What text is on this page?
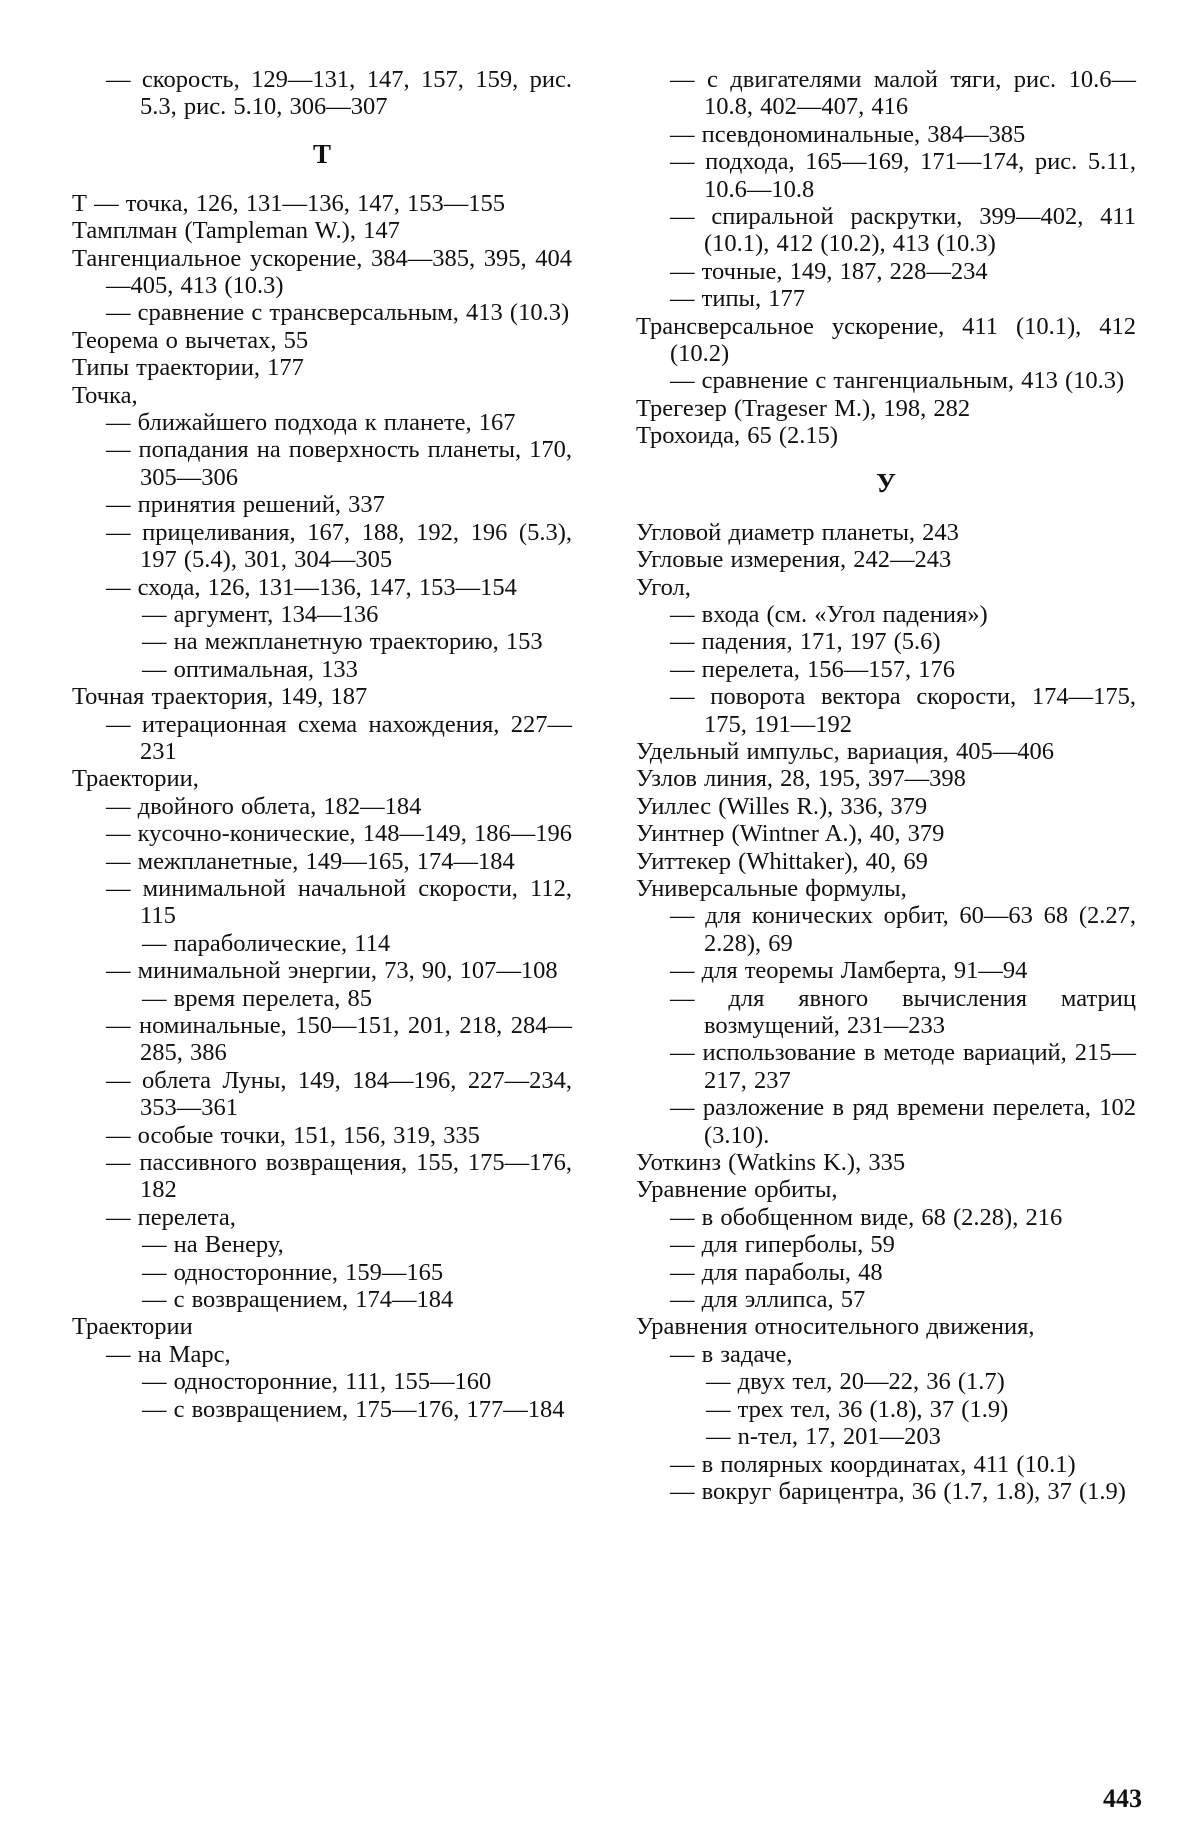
— скорость, 129—131, 147, 157, 159, рис. 5.3, рис. 5.10, 306—307
Т
Т — точка, 126, 131—136, 147, 153—155
Тамплман (Tampleman W.), 147
Тангенциальное ускорение, 384—385, 395, 404—405, 413 (10.3)
— сравнение с трансверсальным, 413 (10.3)
Теорема о вычетах, 55
Типы траектории, 177
Точка,
— ближайшего подхода к планете, 167
— попадания на поверхность планеты, 170, 305—306
— принятия решений, 337
— прицеливания, 167, 188, 192, 196 (5.3), 197 (5.4), 301, 304—305
— схода, 126, 131—136, 147, 153—154
— аргумент, 134—136
— на межпланетную траекторию, 153
— оптимальная, 133
Точная траектория, 149, 187
— итерационная схема нахождения, 227—231
Траектории,
— двойного облета, 182—184
— кусочно-конические, 148—149, 186—196
— межпланетные, 149—165, 174—184
— минимальной начальной скорости, 112, 115
— параболические, 114
— минимальной энергии, 73, 90, 107—108
— время перелета, 85
— номинальные, 150—151, 201, 218, 284—285, 386
— облета Луны, 149, 184—196, 227—234, 353—361
— особые точки, 151, 156, 319, 335
— пассивного возвращения, 155, 175—176, 182
— перелета,
— на Венеру,
— односторонние, 159—165
— с возвращением, 174—184
Траектории
— на Марс,
— односторонние, 111, 155—160
— с возвращением, 175—176, 177—184
— с двигателями малой тяги, рис. 10.6—10.8, 402—407, 416
— псевдономинальные, 384—385
— подхода, 165—169, 171—174, рис. 5.11, 10.6—10.8
— спиральной раскрутки, 399—402, 411 (10.1), 412 (10.2), 413 (10.3)
— точные, 149, 187, 228—234
— типы, 177
Трансверсальное ускорение, 411 (10.1), 412 (10.2)
— сравнение с тангенциальным, 413 (10.3)
Трегезер (Trageser M.), 198, 282
Трохоида, 65 (2.15)
У
Угловой диаметр планеты, 243
Угловые измерения, 242—243
Угол,
— входа (см. «Угол падения»)
— падения, 171, 197 (5.6)
— перелета, 156—157, 176
— поворота вектора скорости, 174—175, 175, 191—192
Удельный импульс, вариация, 405—406
Узлов линия, 28, 195, 397—398
Уиллес (Willes R.), 336, 379
Уинтнер (Wintner A.), 40, 379
Уиттекер (Whittaker), 40, 69
Универсальные формулы,
— для конических орбит, 60—63 68 (2.27, 2.28), 69
— для теоремы Ламберта, 91—94
— для явного вычисления матриц возмущений, 231—233
— использование в методе вариаций, 215—217, 237
— разложение в ряд времени перелета, 102 (3.10).
Уоткинз (Watkins K.), 335
Уравнение орбиты,
— в обобщенном виде, 68 (2.28), 216
— для гиперболы, 59
— для параболы, 48
— для эллипса, 57
Уравнения относительного движения,
— в задаче,
— двух тел, 20—22, 36 (1.7)
— трех тел, 36 (1.8), 37 (1.9)
— n-тел, 17, 201—203
— в полярных координатах, 411 (10.1)
— вокруг барицентра, 36 (1.7, 1.8), 37 (1.9)
443
